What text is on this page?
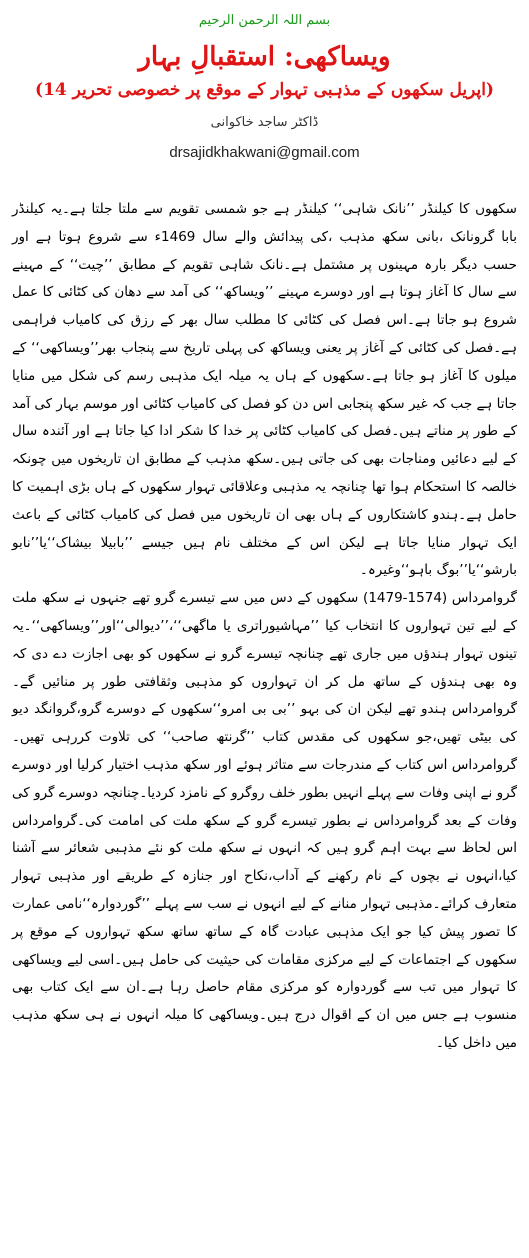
بسم اللہ الرحمن الرحیم
ویساکھی: استقبالِ بہار
(14 اپریل سکھوں کے مذہبی تہوار کے موقع پر خصوصی تحریر)
ڈاکٹر ساجد خاکوانی
drsajidkhakwani@gmail.com

سکھوں کا کیلنڈر ’’نانک شاہی‘‘ کیلنڈر ہے جو شمسی تقویم سے ملتا جلتا ہے۔یہ کیلنڈر بابا گرونانک ،بانی سکھ مذہب ،کی پیدائش والے سال 1469ء سے شروع ہوتا ہے اور حسب دیگر بارہ مہینوں پر مشتمل ہے۔نانک شاہی تقویم کے مطابق ’’چیت‘‘ کے مہینے سے سال کا آغاز ہوتا ہے اور دوسرے مہینے ’’ویساکھ‘‘ کی آمد سے دھان کی کٹائی کا عمل شروع ہو جاتا ہے۔اس فصل کی کٹائی کا مطلب سال بھر کے رزق کی کامیاب فراہمی ہے۔فصل کی کٹائی کے آغاز پر یعنی ویساکھ کی پہلی تاریخ سے پنجاب بھر’’ویساکھی‘‘ کے میلوں کا آغاز ہو جاتا ہے۔سکھوں کے ہاں یہ میلہ ایک مذہبی رسم کی شکل میں منایا جاتا ہے جب کہ غیر سکھ پنجابی اس دن کو فصل کی کامیاب کٹائی اور موسم بہار کی آمد کے طور پر مناتے ہیں۔فصل کی کامیاب کٹائی پر خدا کا شکر ادا کیا جاتا ہے اور آئندہ سال کے لیے دعائیں ومناجات بھی کی جاتی ہیں۔سکھ مذہب کے مطابق ان تاریخوں میں چونکہ خالصہ کا استحکام ہوا تھا چنانچہ یہ مذہبی وعلاقائی تہوار سکھوں کے ہاں بڑی اہمیت کا حامل ہے۔ہندو کاشتکاروں کے ہاں بھی ان تاریخوں میں فصل کی کامیاب کٹائی کے باعث ایک تہوار منایا جاتا ہے لیکن اس کے مختلف نام ہیں جیسے ’’بابیلا بیشاک‘‘یا’’نابو بارشو‘‘یا’’بوگ باہو‘‘وغیرہ۔

گروامرداس (1574-1479) سکھوں کے دس میں سے تیسرے گرو تھے جنہوں نے سکھ ملت کے لیے تین تہواروں کا انتخاب کیا ’’مہاشیوراتری یا ماگھی‘‘،’’دیوالی‘‘اور’’ویساکھی‘‘۔یہ تینوں تہوار ہندؤں میں جاری تھے چنانچہ تیسرے گرو نے سکھوں کو بھی اجازت دے دی کہ وہ بھی ہندؤں کے ساتھ مل کر ان تہواروں کو مذہبی وثقافتی طور پر منائیں گے۔گروامرداس ہندو تھے لیکن ان کی بہو ’’بی بی امرو‘‘سکھوں کے دوسرے گرو،گروانگد دیو کی بیٹی تھیں،جو سکھوں کی مقدس کتاب ’’گرنتھ صاحب‘‘ کی تلاوت کررہی تھیں۔گروامرداس اس کتاب کے مندرجات سے متاثر ہوئے اور سکھ مذہب اختیار کرلیا اور دوسرے گرو نے اپنی وفات سے پہلے انہیں بطور خلف روگرو کے نامزد کردیا۔چنانچہ دوسرے گرو کی وفات کے بعد گروامرداس نے بطور تیسرے گرو کے سکھ ملت کی امامت کی۔گروامرداس اس لحاظ سے بہت اہم گرو ہیں کہ انہوں نے سکھ ملت کو نئے مذہبی شعائر سے آشنا کیا،انہوں نے بچوں کے نام رکھنے کے آداب،نکاح اور جنازہ کے طریقے اور مذہبی تہوار متعارف کرائے۔مذہبی تہوار منانے کے لیے انہوں نے سب سے پہلے ’’گوردوارہ‘‘نامی عمارت کا تصور پیش کیا جو ایک مذہبی عبادت گاہ کے ساتھ ساتھ سکھ تہواروں کے موقع پر سکھوں کے اجتماعات کے لیے مرکزی مقامات کی حیثیت کی حامل ہیں۔اسی لیے ویساکھی کا تہوار میں تب سے گوردوارہ کو مرکزی مقام حاصل رہا ہے۔ان سے ایک کتاب بھی منسوب ہے جس میں ان کے اقوال درج ہیں۔ویساکھی کا میلہ انہوں نے ہی سکھ مذہب میں داخل کیا۔
